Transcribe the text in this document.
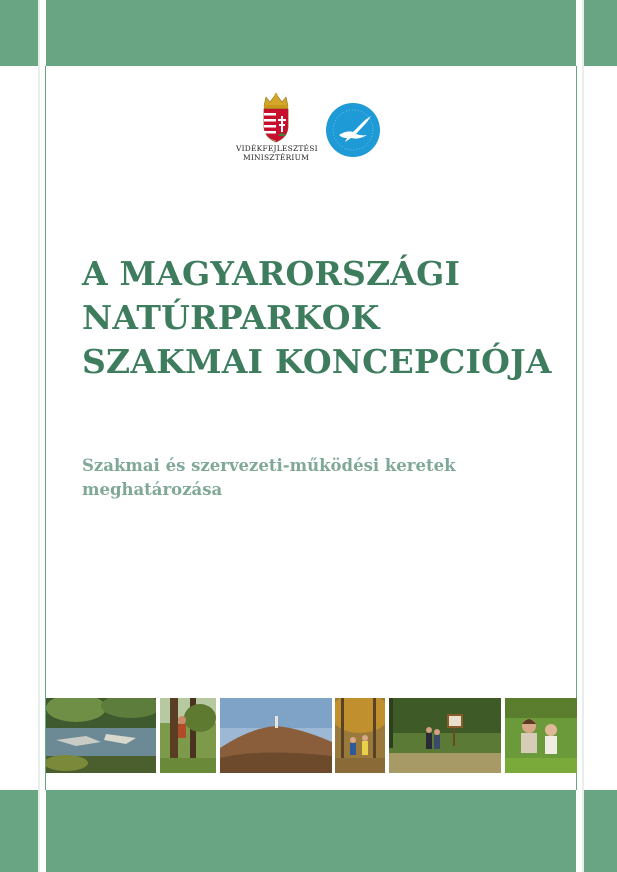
VIDÉKFEJLESZTÉSI
MINISZTÉRIUM
A MAGYARORSZÁGI
NATÚRPARKOK
SZAKMAI KONCEPCIÓJA
Szakmai és szervezeti-működési keretek
meghatározása
